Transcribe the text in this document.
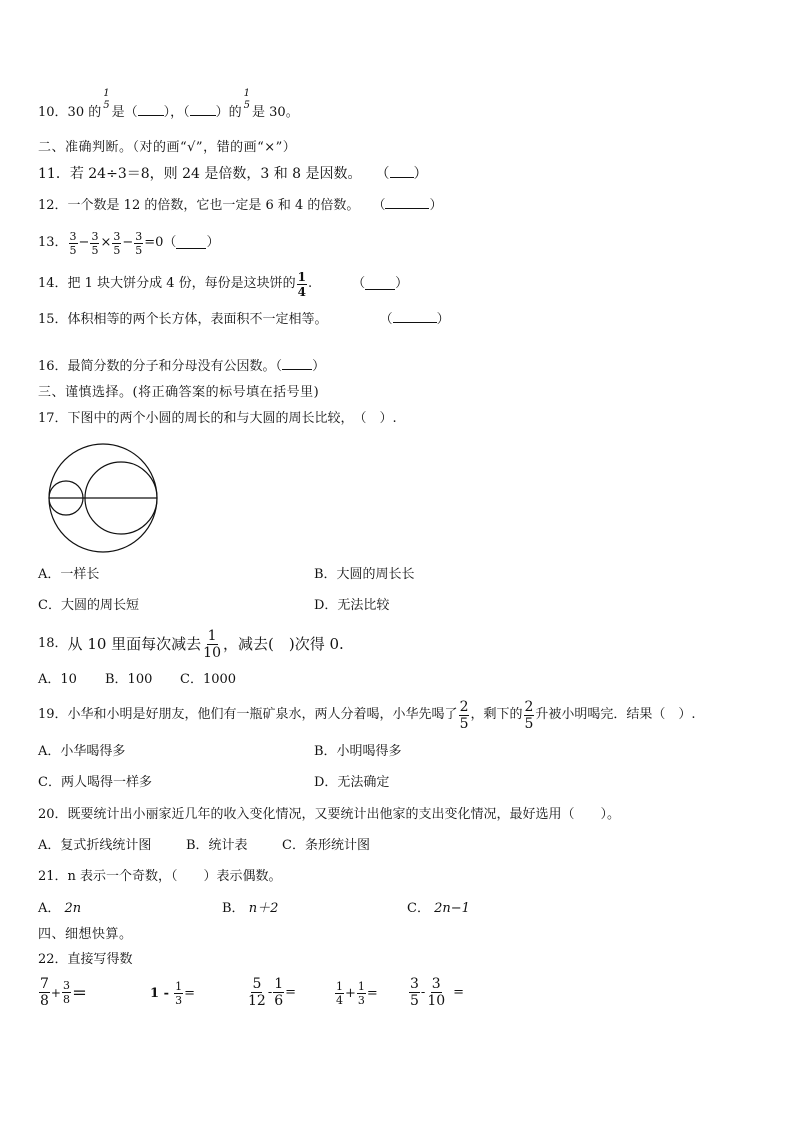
10．30 的
1
5 是（ ），（ ）的
1
5 是 30。
二、准确判断。（对的画“√”，错的画“×”）
11．若 24÷3＝8，则 24 是倍数，3 和 8 是因数。　　 （ ）
12．一个数是 12 的倍数，它也一定是 6 和 4 的倍数。　　 （	）
13． $\frac{3}{5} - \frac{3}{5} \times \frac{3}{5} - \frac{3}{5} =0$（ ）
14． 把 1 块大饼分成 4 份，每份是这块饼的 $\frac{1}{4}$ .	（ ）
15．体积相等的两个长方体，表面积不一定相等。	（	）
16．最简分数的分子和分母没有公因数。（ ）
三、谨慎选择。(将正确答案的标号填在括号里)
17．下图中的两个小圆的周长的和与大圆的周长比较，　（　）.
A．一样长	B．大圆的周长长
C．大圆的周长短	D．无法比较
18． 从 10 里面每次减去 $\frac{1}{10}$ ，减去(　)次得 0.
A．10 B．100 C．1000
19． 小华和小明是好朋友，他们有一瓶矿泉水，两人分着喝，小华先喝了 $\frac{2}{5}$ ，剩下的 $\frac{2}{5}$ 升被小明喝完．结果（　）.
A．小华喝得多	B．小明喝得多
C．两人喝得一样多	D．无法确定
20．既要统计出小丽家近几年的收入变化情况，又要统计出他家的支出变化情况，最好选用（　　）。
A．复式折线统计图	B．统计表	C．条形统计图
21．n 表示一个奇数，（　　）表示偶数。
A． 2n	B． n＋2	C． 2n−1
四、细想快算。
22．直接写得数
$\frac{7}{8} + \frac{3}{8}$ ＝	1 -
$\frac{1}{3}$ =	$\frac{5}{12} - \frac{1}{6}$ =	$\frac{1}{4} + \frac{1}{3} = \frac{3}{5} - \frac{3}{10}$ =
